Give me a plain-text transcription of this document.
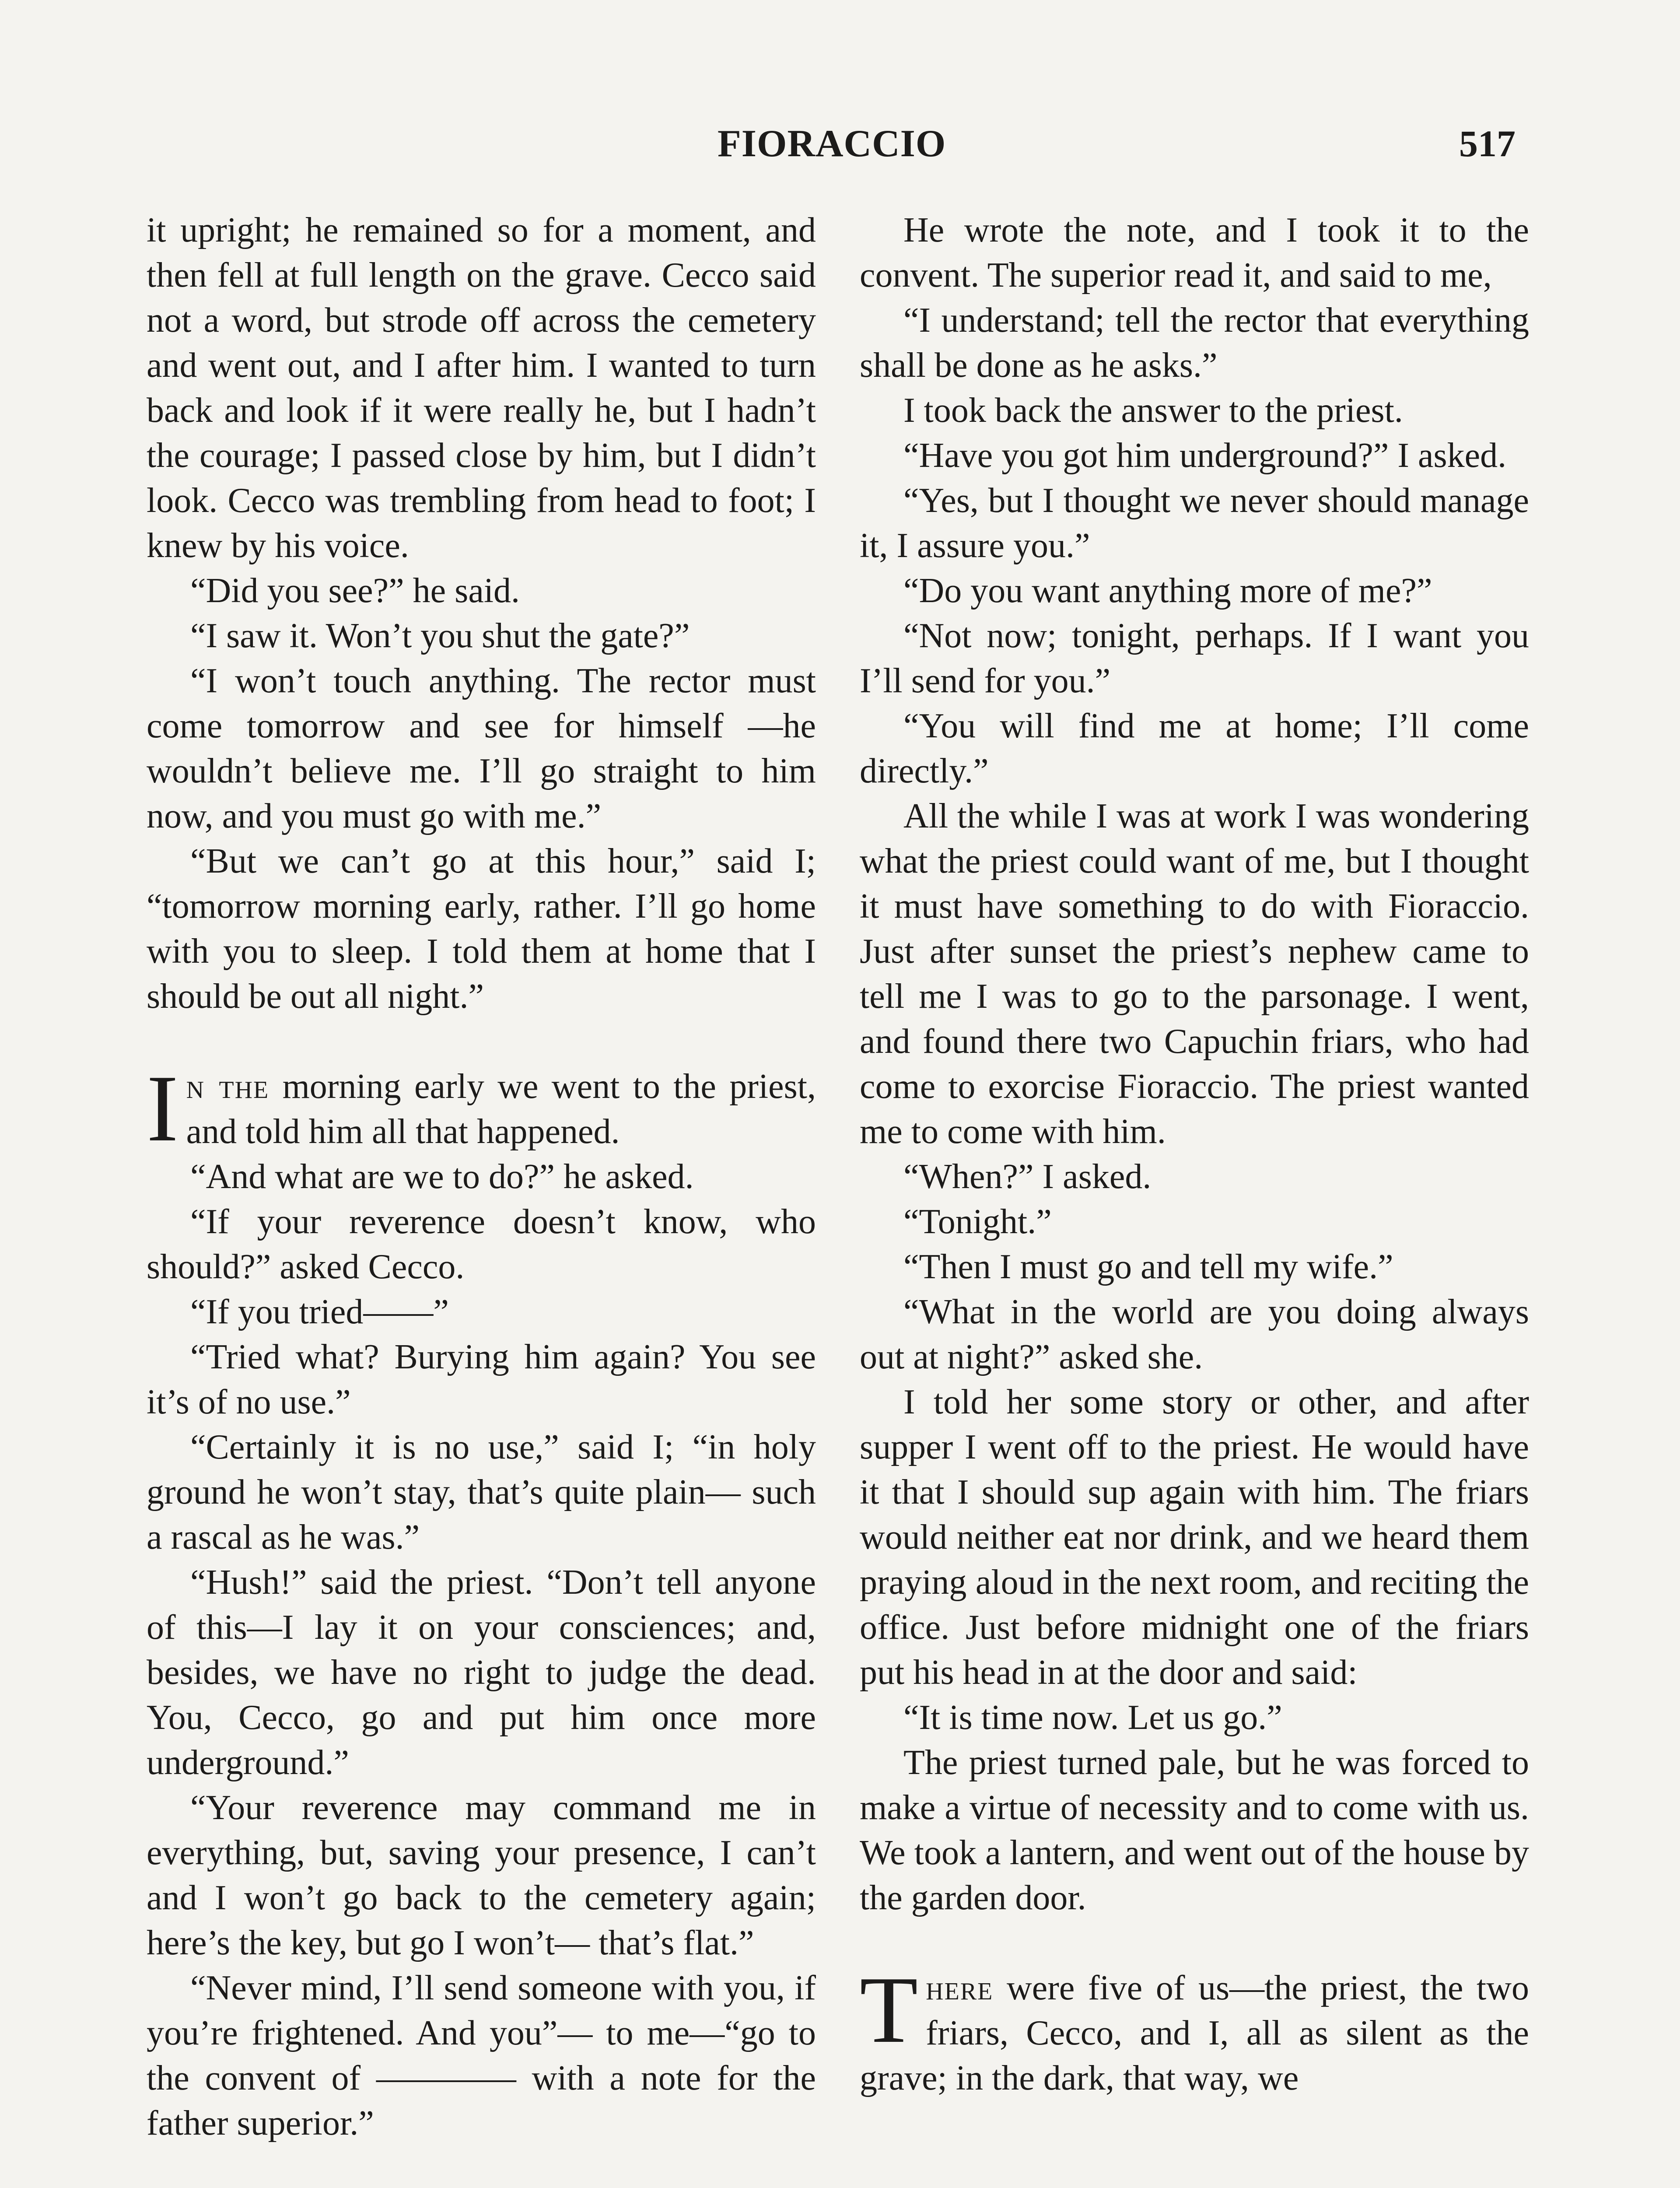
FIORACCIO	517

it upright; he remained so for a moment, and then fell at full length on the grave. Cecco said not a word, but strode off across the cemetery and went out, and I after him. I wanted to turn back and look if it were really he, but I hadn’t the courage; I passed close by him, but I didn’t look. Cecco was trembling from head to foot; I knew by his voice.

“Did you see?” he said.

“I saw it. Won’t you shut the gate?”

“I won’t touch anything. The rector must come tomorrow and see for himself —he wouldn’t believe me. I’ll go straight to him now, and you must go with me.”

“But we can’t go at this hour,” said I; “tomorrow morning early, rather. I’ll go home with you to sleep. I told them at home that I should be out all night.”

In the morning early we went to the priest, and told him all that happened.

“And what are we to do?” he asked.

“If your reverence doesn’t know, who should?” asked Cecco.

“If you tried——”

“Tried what? Burying him again? You see it’s of no use.”

“Certainly it is no use,” said I; “in holy ground he won’t stay, that’s quite plain— such a rascal as he was.”

“Hush!” said the priest. “Don’t tell anyone of this—I lay it on your consciences; and, besides, we have no right to judge the dead. You, Cecco, go and put him once more underground.”

“Your reverence may command me in everything, but, saving your presence, I can’t and I won’t go back to the cemetery again; here’s the key, but go I won’t— that’s flat.”

“Never mind, I’ll send someone with you, if you’re frightened. And you”— to me—“go to the convent of ———— with a note for the father superior.”

He wrote the note, and I took it to the convent. The superior read it, and said to me,

“I understand; tell the rector that everything shall be done as he asks.”

I took back the answer to the priest.

“Have you got him underground?” I asked.

“Yes, but I thought we never should manage it, I assure you.”

“Do you want anything more of me?”

“Not now; tonight, perhaps. If I want you I’ll send for you.”

“You will find me at home; I’ll come directly.”

All the while I was at work I was wondering what the priest could want of me, but I thought it must have something to do with Fioraccio. Just after sunset the priest’s nephew came to tell me I was to go to the parsonage. I went, and found there two Capuchin friars, who had come to exorcise Fioraccio. The priest wanted me to come with him.

“When?” I asked.

“Tonight.”

“Then I must go and tell my wife.”

“What in the world are you doing always out at night?” asked she.

I told her some story or other, and after supper I went off to the priest. He would have it that I should sup again with him. The friars would neither eat nor drink, and we heard them praying aloud in the next room, and reciting the office. Just before midnight one of the friars put his head in at the door and said:

“It is time now. Let us go.”

The priest turned pale, but he was forced to make a virtue of necessity and to come with us. We took a lantern, and went out of the house by the garden door.

There were five of us—the priest, the two friars, Cecco, and I, all as silent as the grave; in the dark, that way, we
